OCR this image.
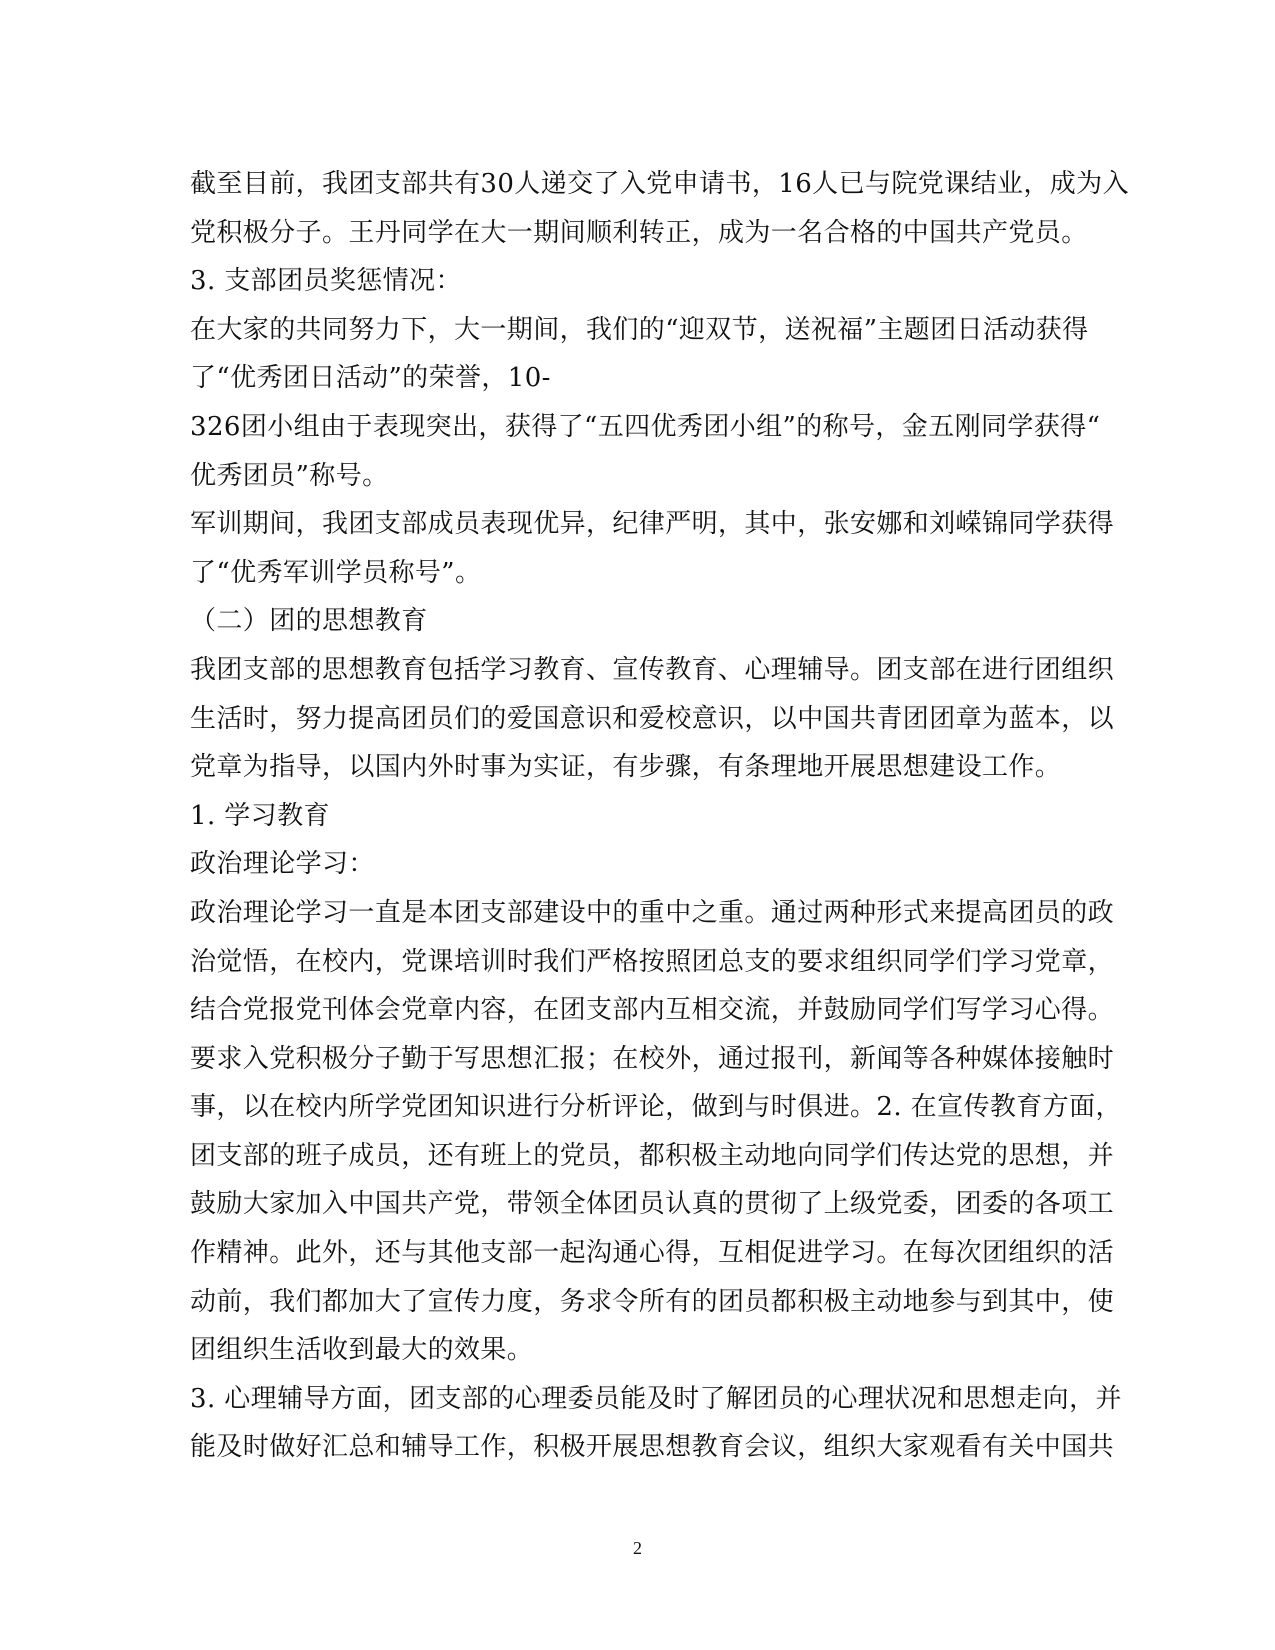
截至目前，我团支部共有30人递交了入党申请书，16人已与院党课结业，成为入
党积极分子。王丹同学在大一期间顺利转正，成为一名合格的中国共产党员。
3. 支部团员奖惩情况：
在大家的共同努力下，大一期间，我们的“迎双节，送祝福”主题团日活动获得
了“优秀团日活动”的荣誉，10-
326团小组由于表现突出，获得了“五四优秀团小组”的称号，金五刚同学获得“
优秀团员”称号。
军训期间，我团支部成员表现优异，纪律严明，其中，张安娜和刘嵘锦同学获得
了“优秀军训学员称号”。
（二）团的思想教育
我团支部的思想教育包括学习教育、宣传教育、心理辅导。团支部在进行团组织
生活时，努力提高团员们的爱国意识和爱校意识，以中国共青团团章为蓝本，以
党章为指导，以国内外时事为实证，有步骤，有条理地开展思想建设工作。
1. 学习教育
政治理论学习：
政治理论学习一直是本团支部建设中的重中之重。通过两种形式来提高团员的政
治觉悟，在校内，党课培训时我们严格按照团总支的要求组织同学们学习党章，
结合党报党刊体会党章内容，在团支部内互相交流，并鼓励同学们写学习心得。
要求入党积极分子勤于写思想汇报；在校外，通过报刊，新闻等各种媒体接触时
事，以在校内所学党团知识进行分析评论，做到与时俱进。2. 在宣传教育方面，
团支部的班子成员，还有班上的党员，都积极主动地向同学们传达党的思想，并
鼓励大家加入中国共产党，带领全体团员认真的贯彻了上级党委，团委的各项工
作精神。此外，还与其他支部一起沟通心得，互相促进学习。在每次团组织的活
动前，我们都加大了宣传力度，务求令所有的团员都积极主动地参与到其中，使
团组织生活收到最大的效果。
3. 心理辅导方面，团支部的心理委员能及时了解团员的心理状况和思想走向，并
能及时做好汇总和辅导工作，积极开展思想教育会议，组织大家观看有关中国共
2
